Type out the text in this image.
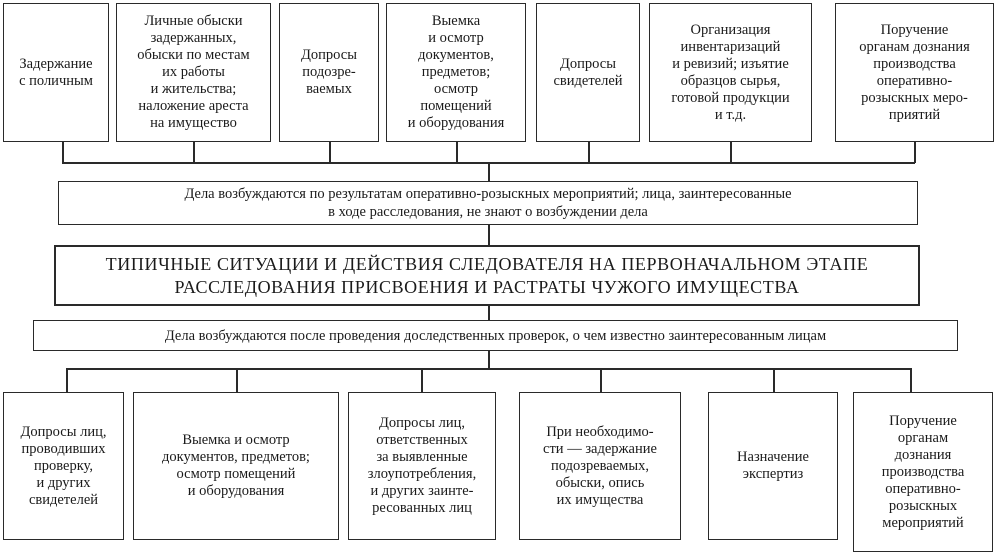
Задержание
с поличным
Личные обыски
задержанных,
обыски по местам
их работы
и жительства;
наложение ареста
на имущество
Допросы
подозре-
ваемых
Выемка
и осмотр
документов,
предметов;
осмотр
помещений
и оборудования
Допросы
свидетелей
Организация
инвентаризаций
и ревизий; изъятие
образцов сырья,
готовой продукции
и т.д.
Поручение
органам дознания
производства
оперативно-
розыскных меро-
приятий
Дела возбуждаются по результатам оперативно-розыскных мероприятий; лица, заинтересованные
в ходе расследования, не знают о возбуждении дела
ТИПИЧНЫЕ СИТУАЦИИ И ДЕЙСТВИЯ СЛЕДОВАТЕЛЯ НА ПЕРВОНАЧАЛЬНОМ ЭТАПЕ
РАССЛЕДОВАНИЯ ПРИСВОЕНИЯ И РАСТРАТЫ ЧУЖОГО ИМУЩЕСТВА
Дела возбуждаются после проведения доследственных проверок, о чем известно заинтересованным лицам
Допросы лиц,
проводивших
проверку,
и других
свидетелей
Выемка и осмотр
документов, предметов;
осмотр помещений
и оборудования
Допросы лиц,
ответственных
за выявленные
злоупотребления,
и других заинте-
ресованных лиц
При необходимо-
сти — задержание
подозреваемых,
обыски, опись
их имущества
Назначение
экспертиз
Поручение
органам
дознания
производства
оперативно-
розыскных
мероприятий
